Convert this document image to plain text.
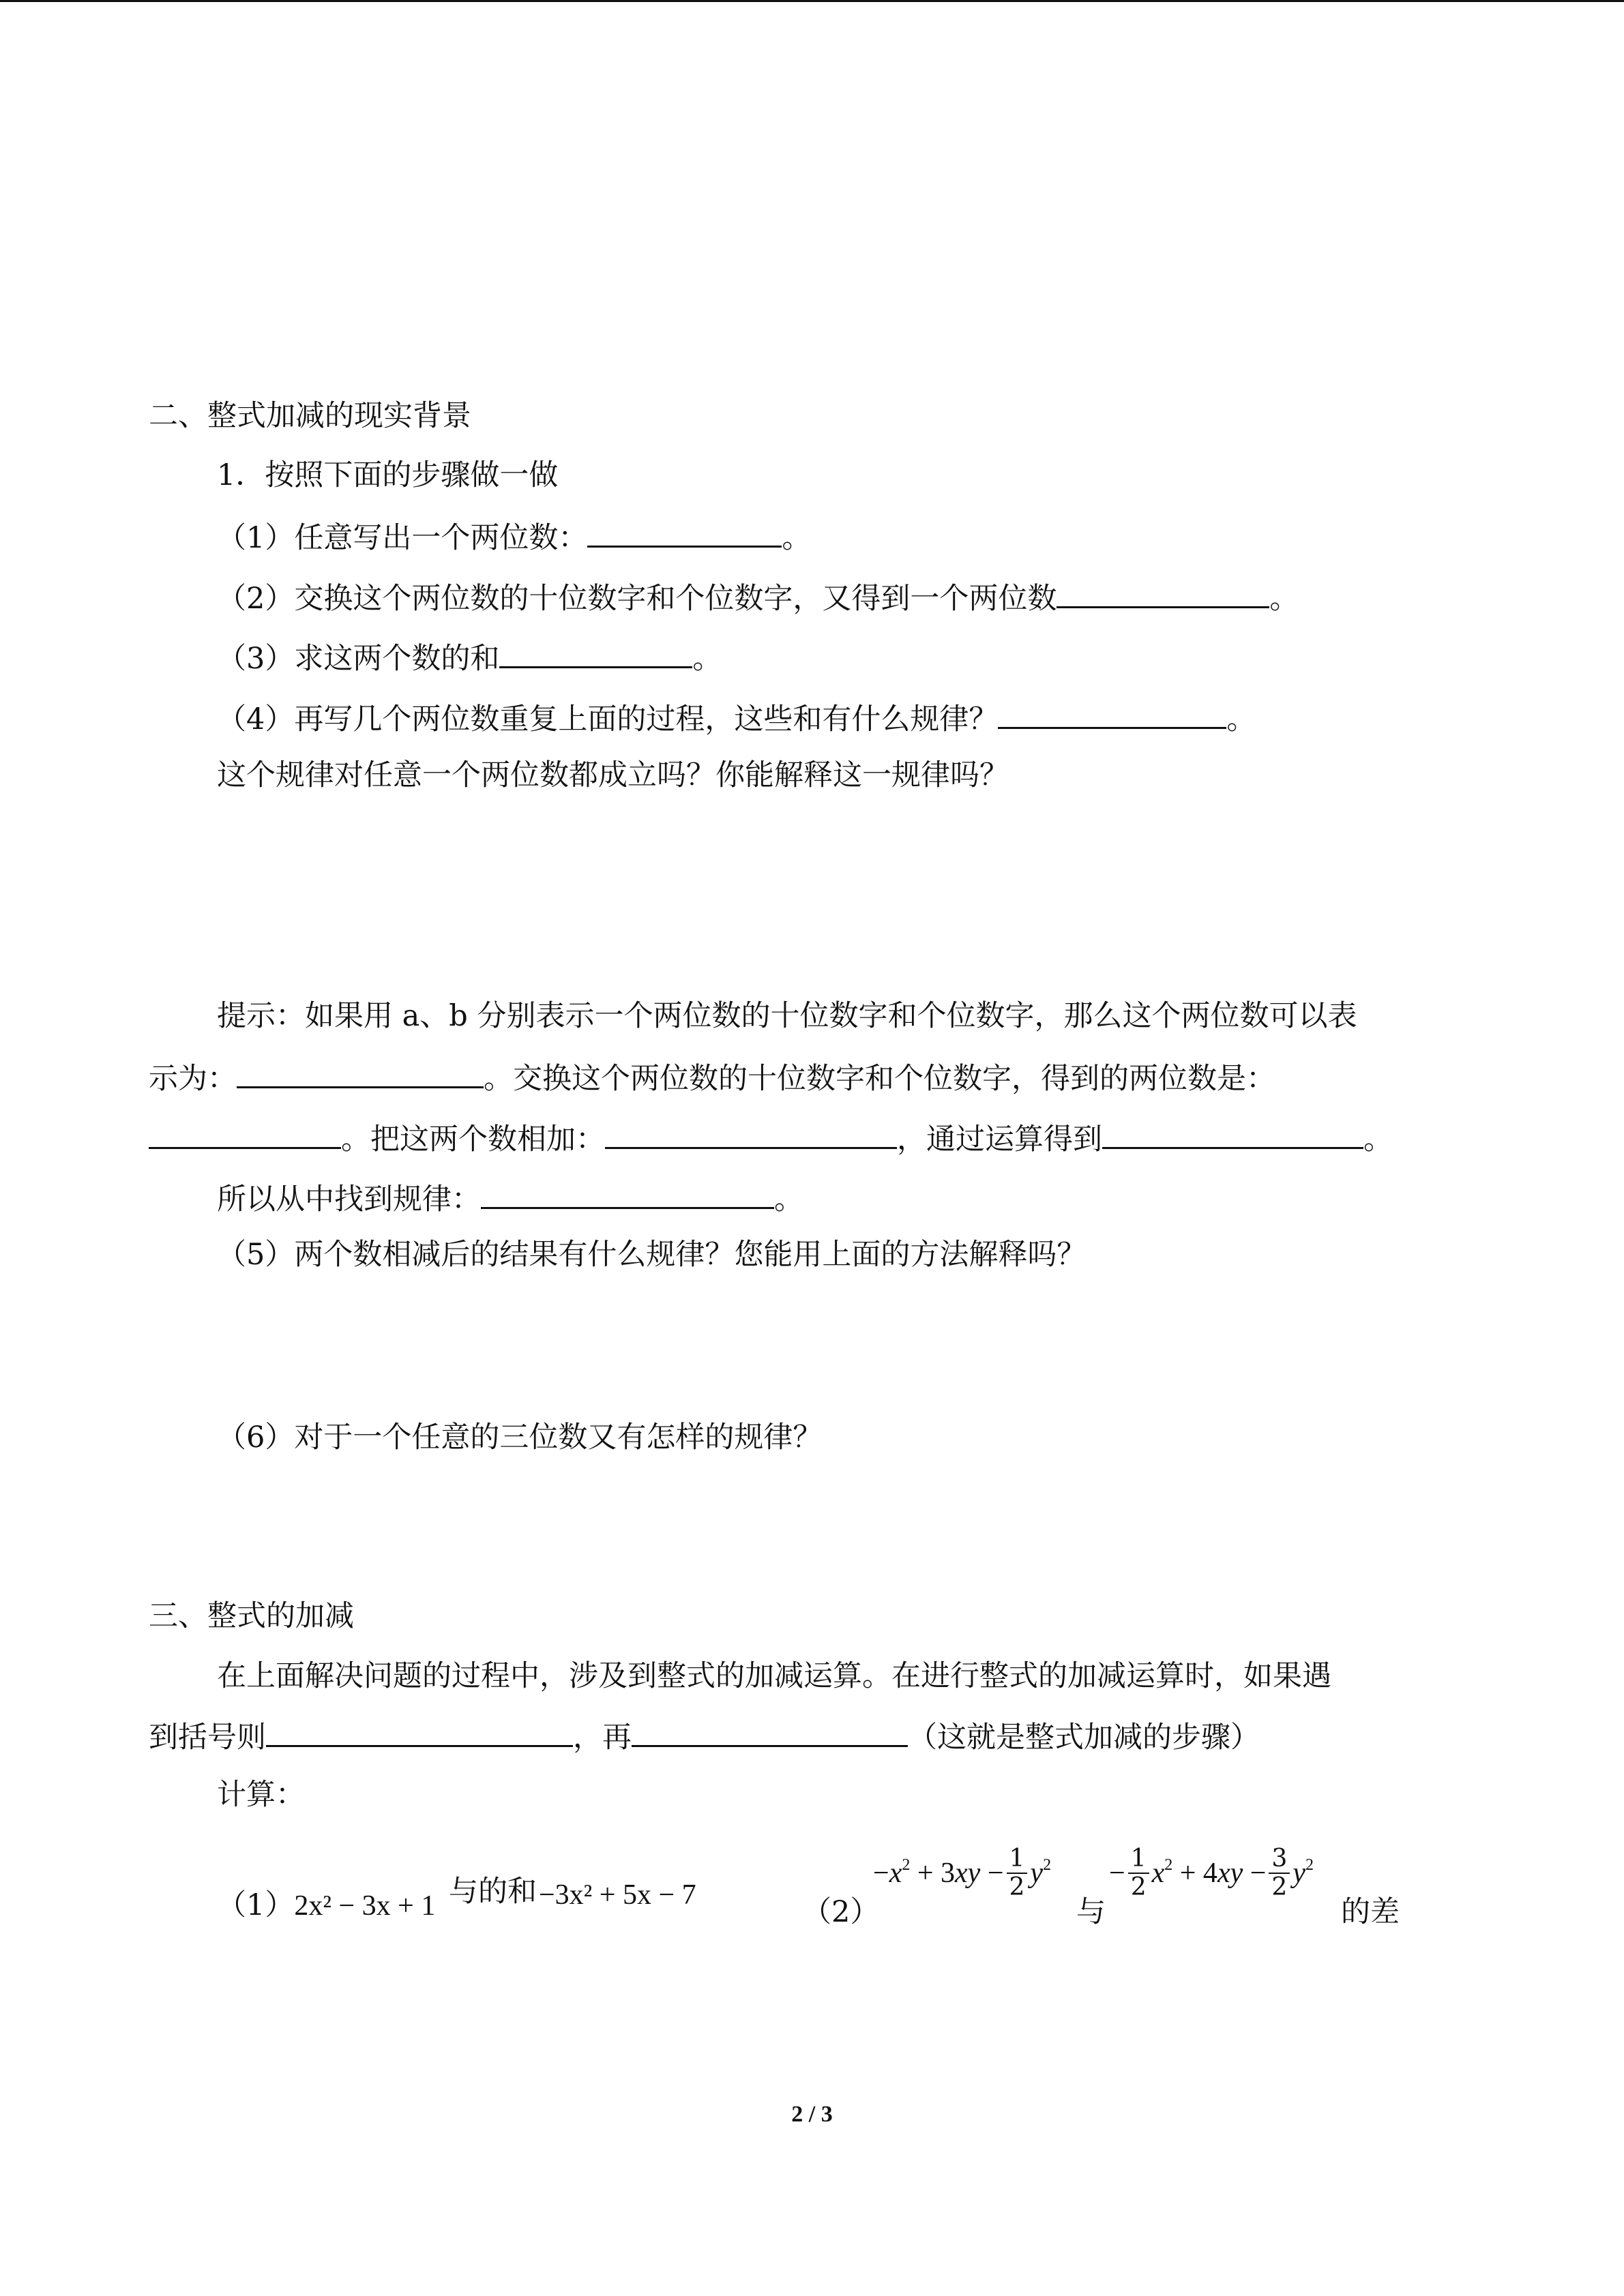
二、整式加减的现实背景
1．按照下面的步骤做一做
（1）任意写出一个两位数：	。
（2）交换这个两位数的十位数字和个位数字，又得到一个两位数	。
（3）求这两个数的和	。
（4）再写几个两位数重复上面的过程，这些和有什么规律？	。
这个规律对任意一个两位数都成立吗？你能解释这一规律吗？
提示：如果用 a、b 分别表示一个两位数的十位数字和个位数字，那么这个两位数可以表
示为：	。交换这个两位数的十位数字和个位数字，得到的两位数是：
。把这两个数相加：	，通过运算得到	。
所以从中找到规律：	。
（5）两个数相减后的结果有什么规律？您能用上面的方法解释吗？
（6）对于一个任意的三位数又有怎样的规律？
三、整式的加减
在上面解决问题的过程中，涉及到整式的加减运算。在进行整式的加减运算时，如果遇
到括号则	，再	（这就是整式加减的步骤）
计算：
（1）2x² − 3x + 1 与的和 −3x² + 5x − 7	（2）
$-x^2 + 3xy - \frac{1}{2} y^2$
与
− $\frac{1}{2} x^2 + 4xy - \frac{3}{2} y^2$
的差
2 / 3
